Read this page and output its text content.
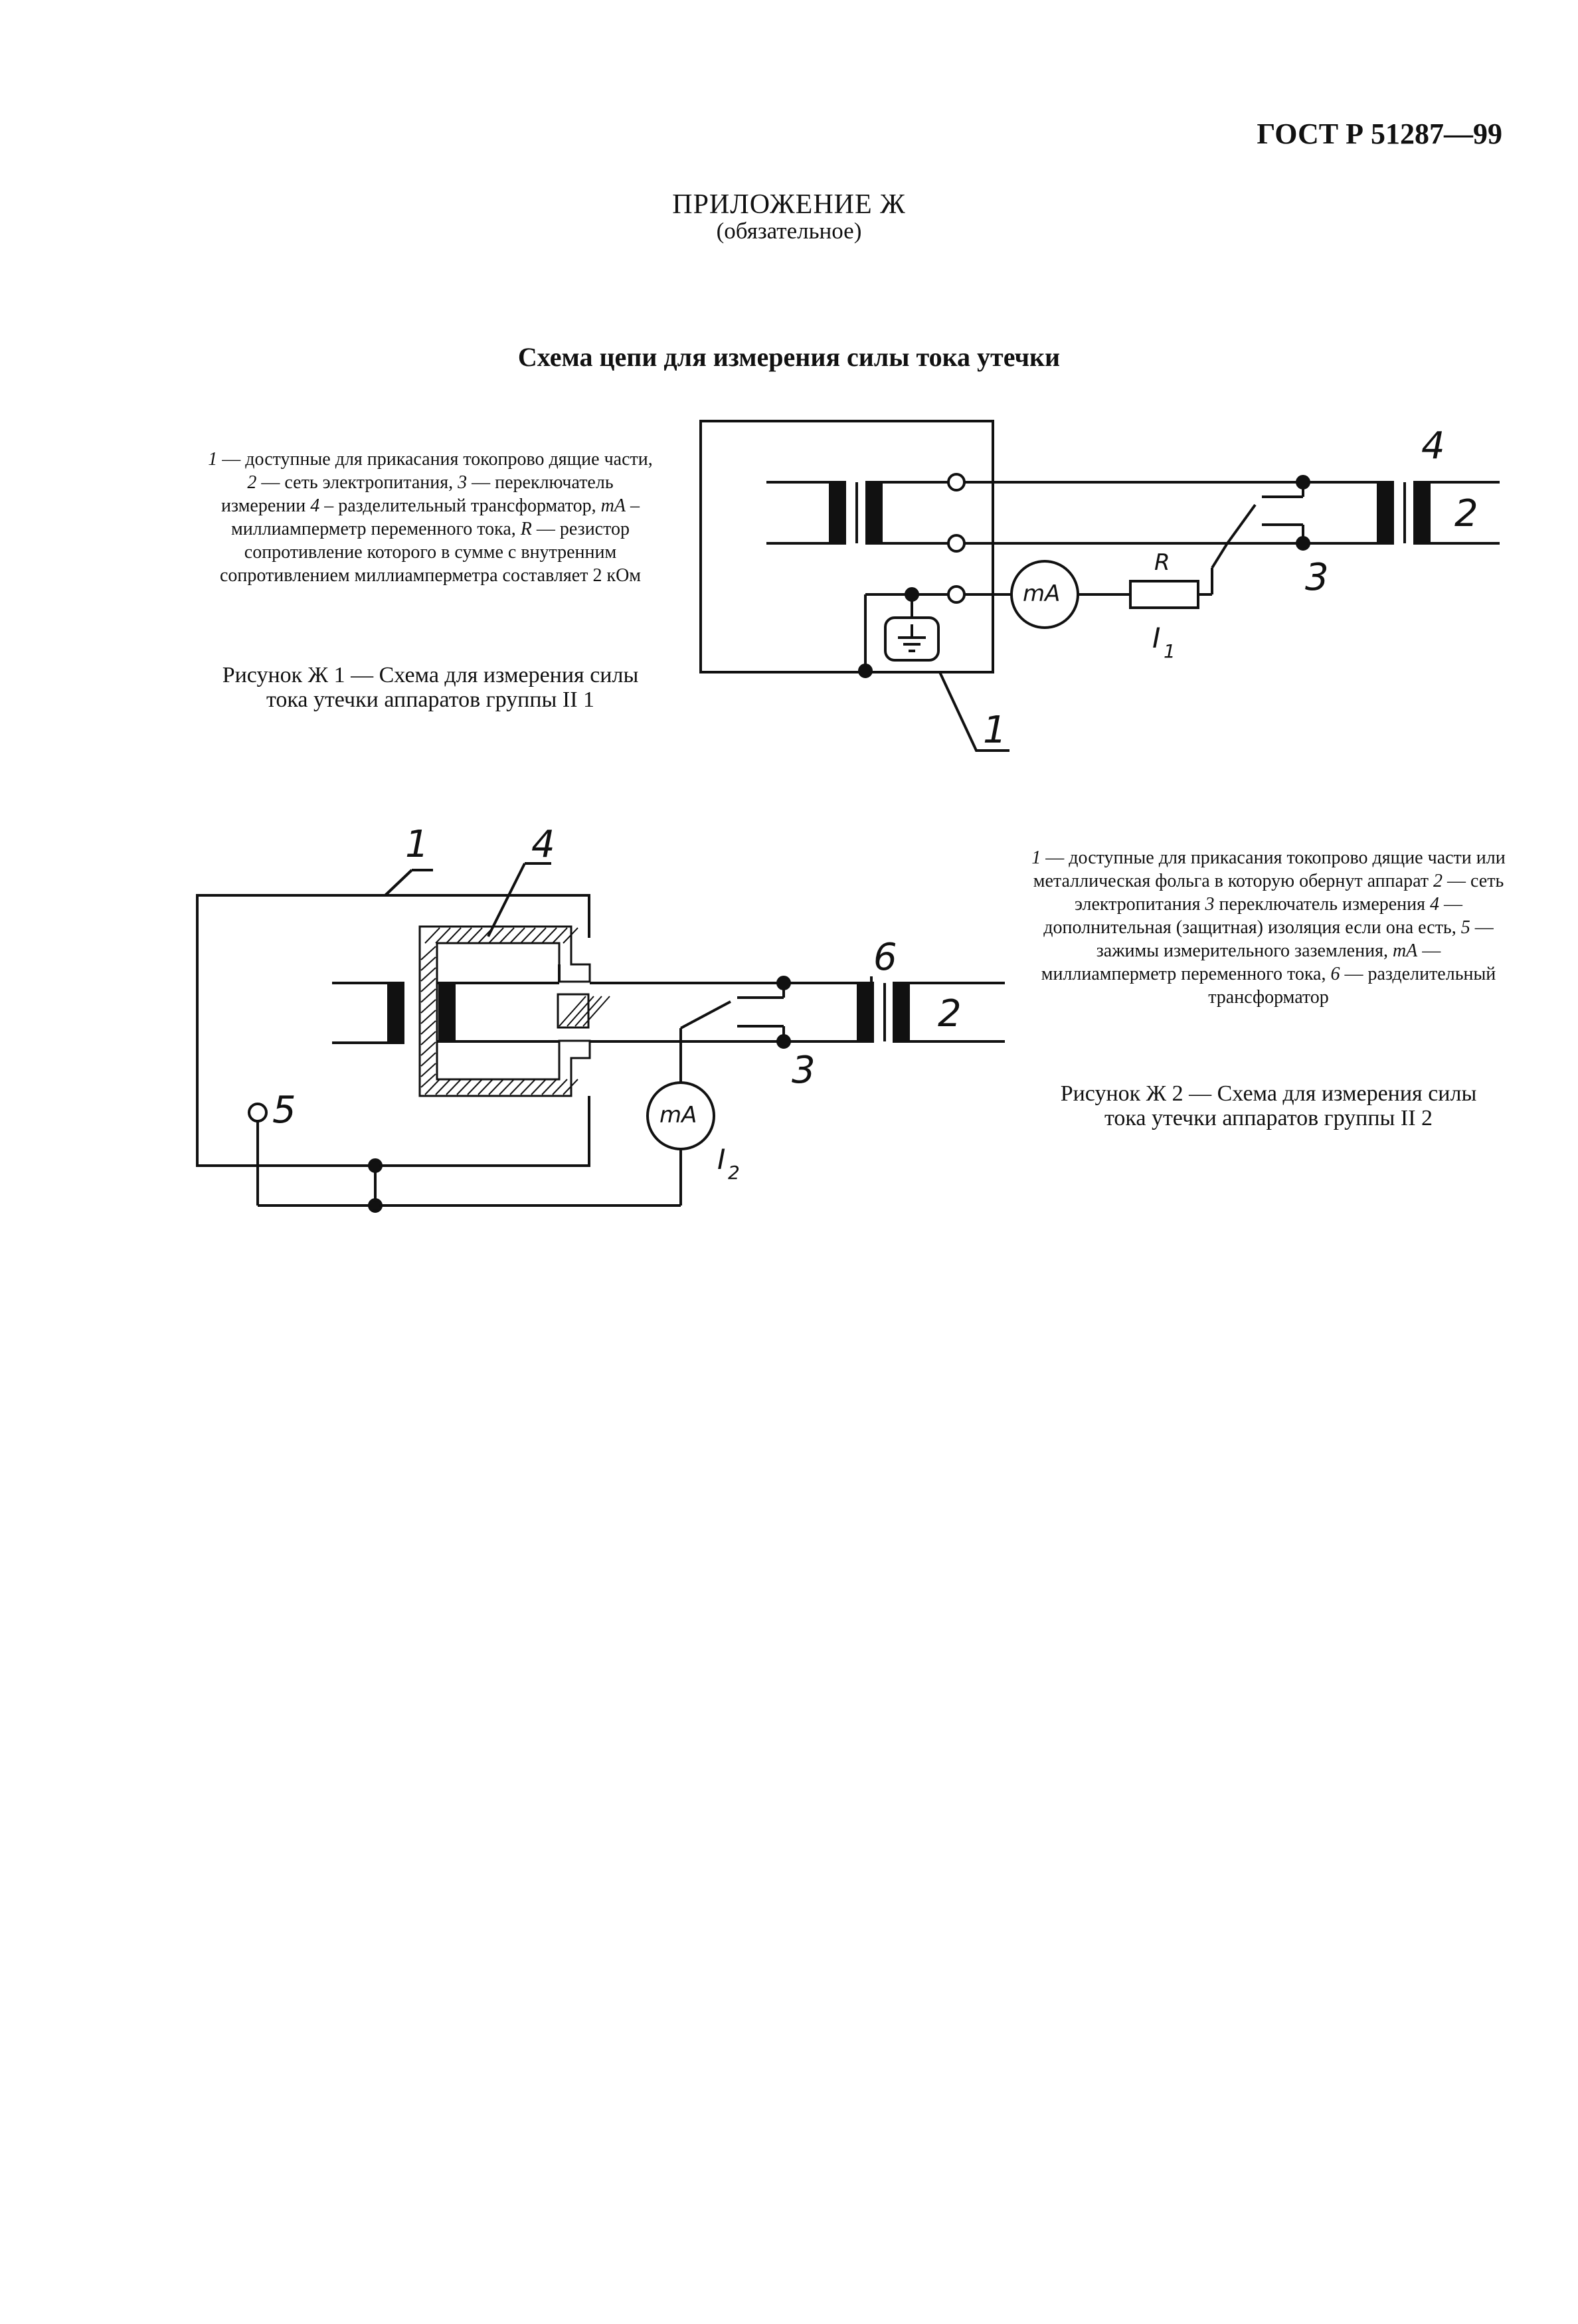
ГОСТ Р 51287—99
ПРИЛОЖЕНИЕ Ж
(обязательное)
Схема цепи для измерения силы тока утечки
1 — доступные для прикасания токопрово дящие части, 2 — сеть электропитания, 3 — переключатель измерении 4 – разделительный трансформатор, mA – миллиамперметр переменного тока, R — резистор сопротивление которого в сумме с внутренним сопротивлением миллиамперметра составляет 2 кОм
Рисунок Ж 1 — Схема для измерения силы тока утечки аппаратов группы II 1
1 — доступные для прикасания токопрово дящие части или металлическая фольга в которую обернут аппарат 2 — сеть электропитания 3 переключатель измерения 4 — дополнительная (защитная) изоляция если она есть, 5 — зажимы измерительного заземления, mA — миллиамперметр переменного тока, 6 — разделительный трансформатор
Рисунок Ж 2 — Схема для измерения силы тока утечки аппаратов группы II 2
4
2
3
1
mA
R
I 1
1	4
6
2
3
5	mA
I 2
